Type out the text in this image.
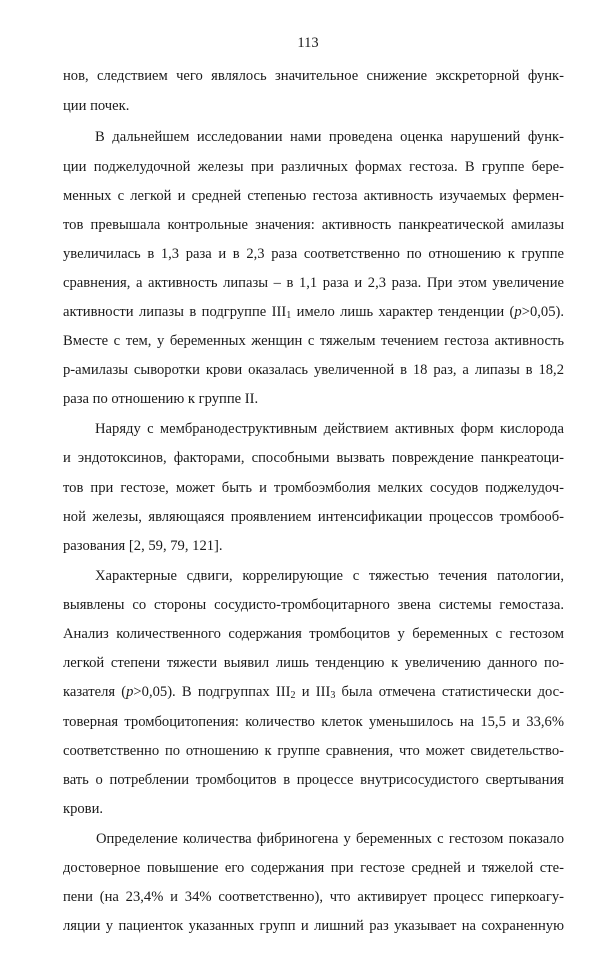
113
нов, следствием чего являлось значительное снижение экскреторной функ-
ции почек.
В дальнейшем исследовании нами проведена оценка нарушений функ-
ции поджелудочной железы при различных формах гестоза. В группе бере-
менных с легкой и средней степенью гестоза активность изучаемых фермен-
тов превышала контрольные значения: активность панкреатической амилазы
увеличилась в 1,3 раза и в 2,3 раза соответственно по отношению к группе
сравнения, а активность липазы – в 1,1 раза и 2,3 раза. При этом увеличение
активности липазы в подгруппе $III_1$ имело лишь характер тенденции (p>0,05).
Вместе с тем, у беременных женщин с тяжелым течением гестоза активность
р-амилазы сыворотки крови оказалась увеличенной в 18 раз, а липазы в 18,2
раза по отношению к группе II.
Наряду с мембранодеструктивным действием активных форм кислорода
и эндотоксинов, факторами, способными вызвать повреждение панкреатоци-
тов при гестозе, может быть и тромбоэмболия мелких сосудов поджелудоч-
ной железы, являющаяся проявлением интенсификации процессов тромбооб-
разования [2, 59, 79, 121].
Характерные сдвиги, коррелирующие с тяжестью течения патологии,
выявлены со стороны сосудисто-тромбоцитарного звена системы гемостаза.
Анализ количественного содержания тромбоцитов у беременных с гестозом
легкой степени тяжести выявил лишь тенденцию к увеличению данного по-
казателя (p>0,05). В подгруппах $III_2$ и $III_3$ была отмечена статистически дос-
товерная тромбоцитопения: количество клеток уменьшилось на 15,5 и 33,6%
соответственно по отношению к группе сравнения, что может свидетельство-
вать о потреблении тромбоцитов в процессе внутрисосудистого свертывания
крови.
Определение количества фибриногена у беременных с гестозом показало
достоверное повышение его содержания при гестозе средней и тяжелой сте-
пени (на 23,4% и 34% соответственно), что активирует процесс гиперкоагу-
ляции у пациенток указанных групп и лишний раз указывает на сохраненную
